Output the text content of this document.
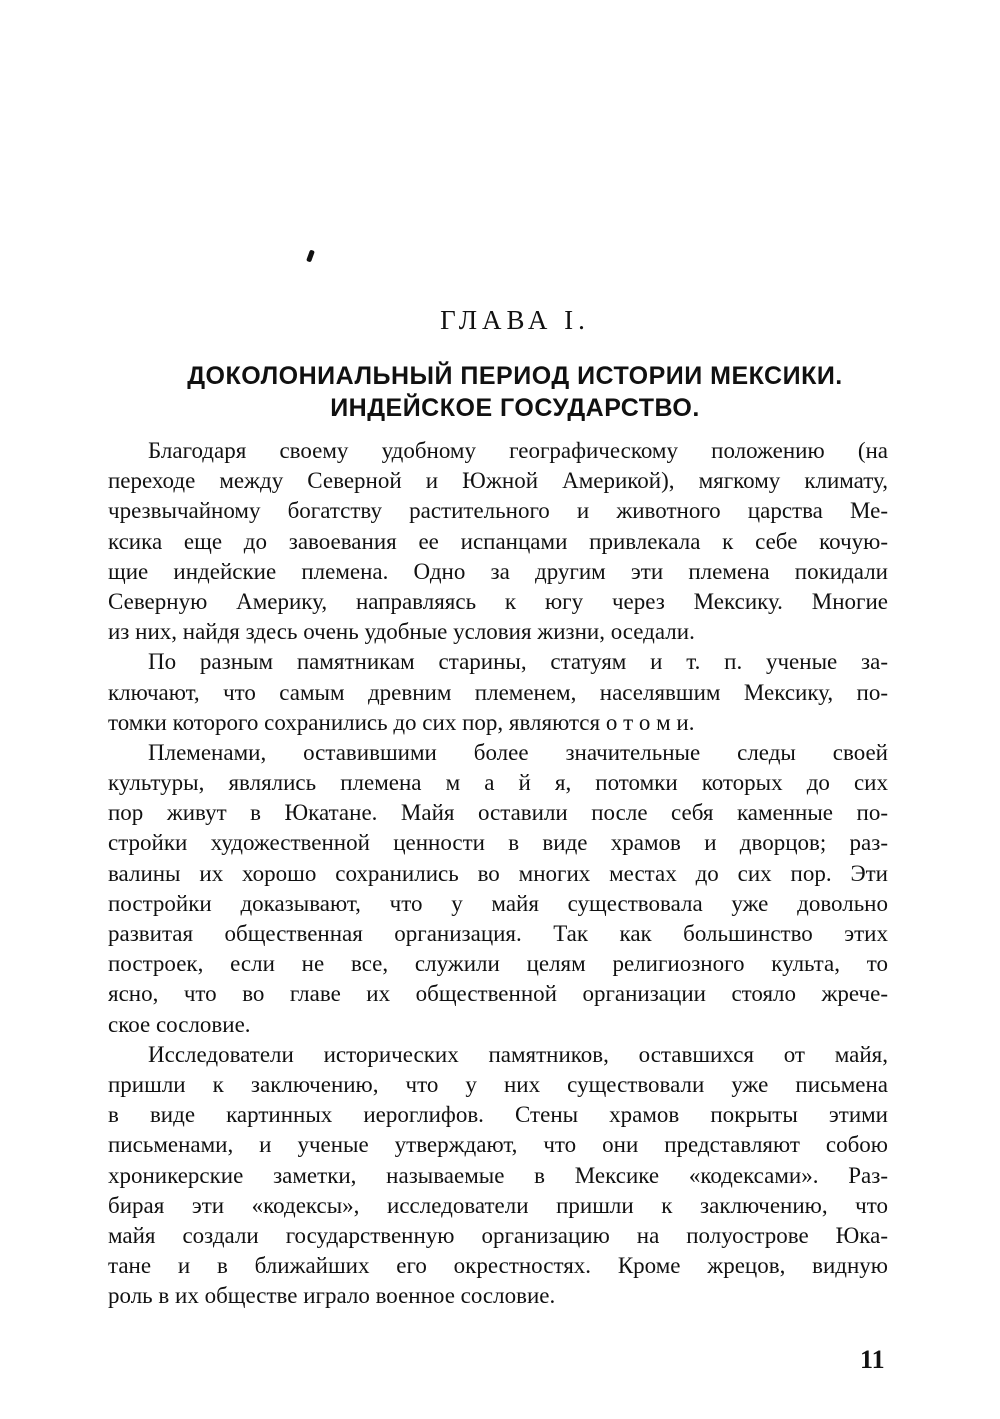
ГЛАВА I.
ДОКОЛОНИАЛЬНЫЙ ПЕРИОД ИСТОРИИ МЕКСИКИ.
ИНДЕЙСКОЕ ГОСУДАРСТВО.
Благодаря своему удобному географическому положению (на
переходе между Северной и Южной Америкой), мягкому климату,
чрезвычайному богатству растительного и животного царства Ме-
ксика еще до завоевания ее испанцами привлекала к себе кочую-
щие индейские племена. Одно за другим эти племена покидали
Северную Америку, направляясь к югу через Мексику. Многие
из них, найдя здесь очень удобные условия жизни, оседали.
По разным памятникам старины, статуям и т. п. ученые за-
ключают, что самым древним племенем, населявшим Мексику, по-
томки которого сохранились до сих пор, являются о т о м и.
Племенами, оставившими более значительные следы своей
культуры, являлись племена м а й я, потомки которых до сих
пор живут в Юкатане. Майя оставили после себя каменные по-
стройки художественной ценности в виде храмов и дворцов; раз-
валины их хорошо сохранились во многих местах до сих пор. Эти
постройки доказывают, что у майя существовала уже довольно
развитая общественная организация. Так как большинство этих
построек, если не все, служили целям религиозного культа, то
ясно, что во главе их общественной организации стояло жрече-
ское сословие.
Исследователи исторических памятников, оставшихся от майя,
пришли к заключению, что у них существовали уже письмена
в виде картинных иероглифов. Стены храмов покрыты этими
письменами, и ученые утверждают, что они представляют собою
хроникерские заметки, называемые в Мексике «кодексами». Раз-
бирая эти «кодексы», исследователи пришли к заключению, что
майя создали государственную организацию на полуострове Юка-
тане и в ближайших его окрестностях. Кроме жрецов, видную
роль в их обществе играло военное сословие.
11
